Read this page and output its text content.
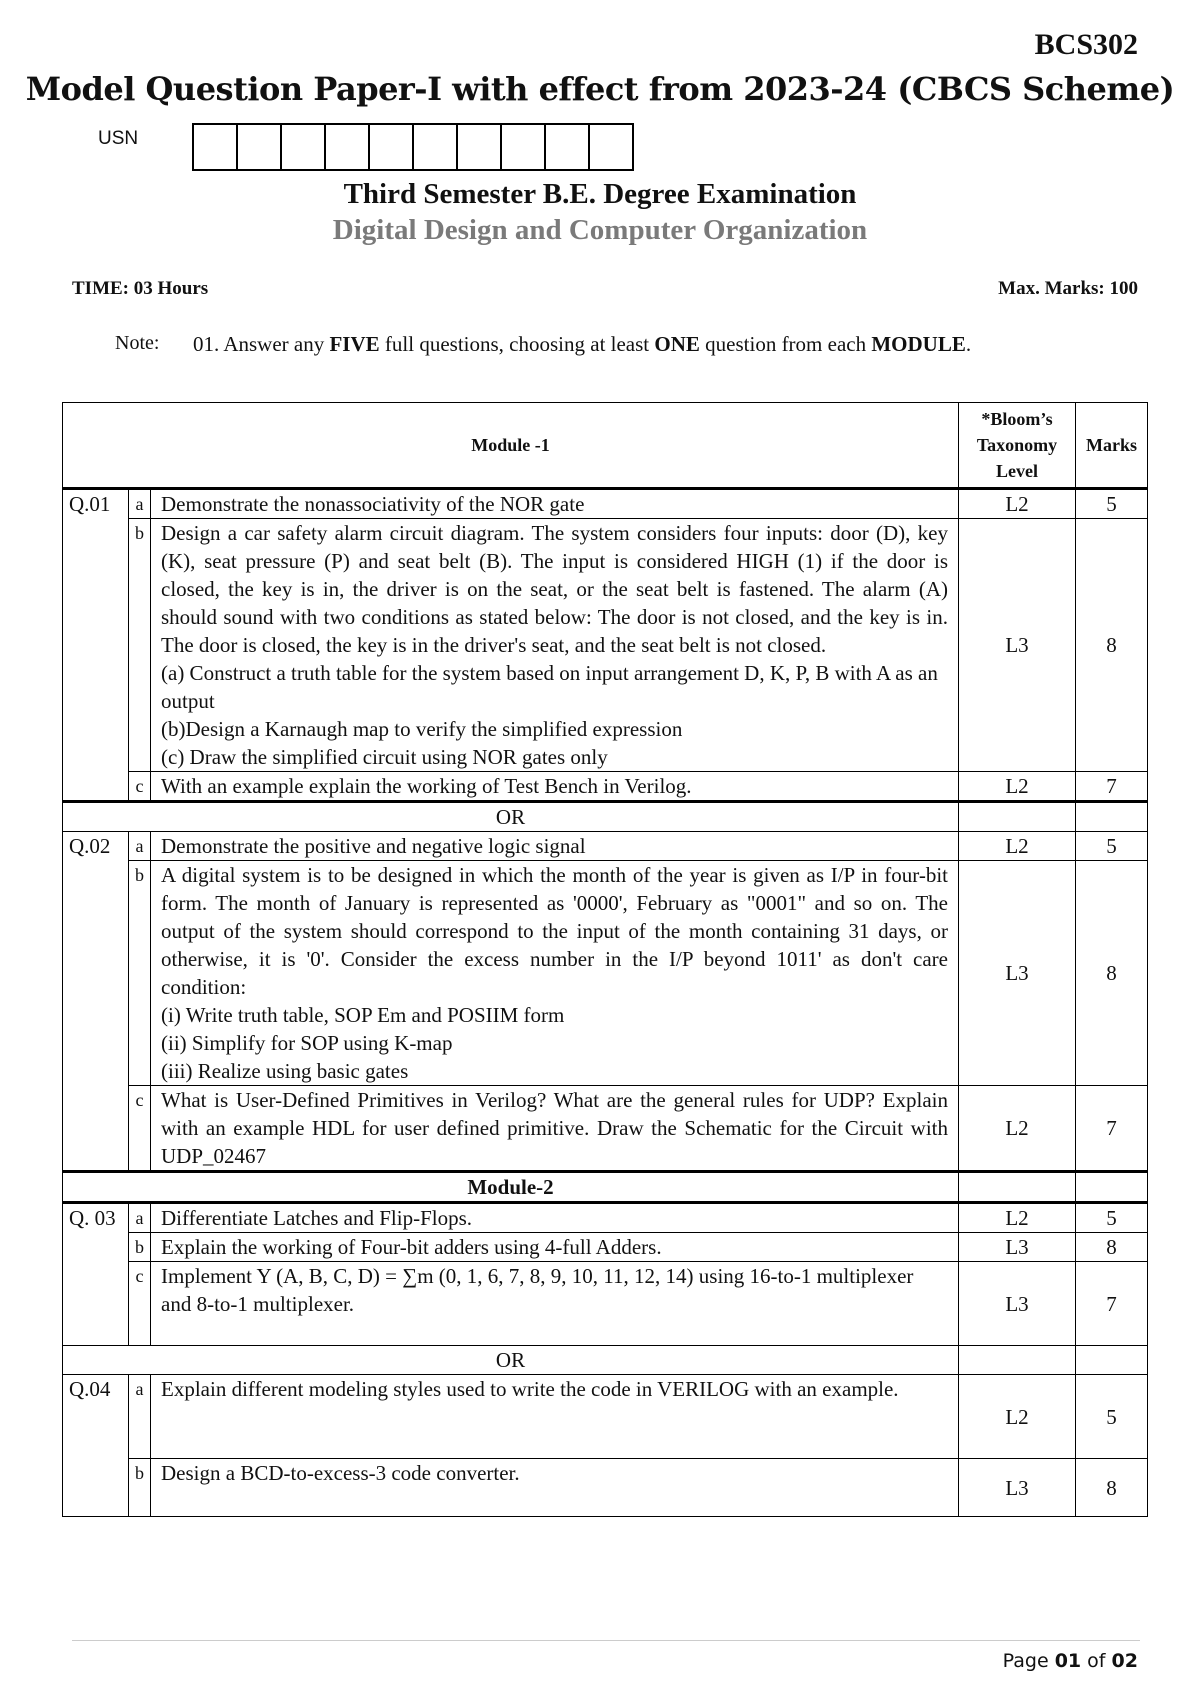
BCS302
Model Question Paper-I with effect from 2023-24 (CBCS Scheme)
USN
Third Semester B.E. Degree Examination
Digital Design and Computer Organization
TIME: 03 Hours	Max. Marks: 100
Note: 01. Answer any FIVE full questions, choosing at least ONE question from each MODULE.
Module -1			*Bloom’s Taxonomy Level	Marks
Q.01	a	Demonstrate the nonassociativity of the NOR gate	L2	5
	b	Design a car safety alarm circuit diagram. The system considers four inputs: door (D), key (K), seat pressure (P) and seat belt (B). The input is considered HIGH (1) if the door is closed, the key is in, the driver is on the seat, or the seat belt is fastened. The alarm (A) should sound with two conditions as stated below: The door is not closed, and the key is in. The door is closed, the key is in the driver's seat, and the seat belt is not closed.
(a) Construct a truth table for the system based on input arrangement D, K, P, B with A as an output
(b)Design a Karnaugh map to verify the simplified expression
(c) Draw the simplified circuit using NOR gates only	L3	8
	c	With an example explain the working of Test Bench in Verilog.	L2	7
OR				
Q.02	a	Demonstrate the positive and negative logic signal	L2	5
	b	A digital system is to be designed in which the month of the year is given as I/P in four-bit form. The month of January is represented as '0000', February as "0001" and so on. The output of the system should correspond to the input of the month containing 31 days, or otherwise, it is '0'. Consider the excess number in the I/P beyond 1011' as don't care condition:
(i) Write truth table, SOP Em and POSIIM form
(ii) Simplify for SOP using K-map
(iii) Realize using basic gates	L3	8
	c	What is User-Defined Primitives in Verilog? What are the general rules for UDP? Explain with an example HDL for user defined primitive. Draw the Schematic for the Circuit with UDP_02467	L2	7
Module-2				
Q. 03	a	Differentiate Latches and Flip-Flops.	L2	5
	b	Explain the working of Four-bit adders using 4-full Adders.	L3	8
	c	Implement Y (A, B, C, D) = ∑m (0, 1, 6, 7, 8, 9, 10, 11, 12, 14) using 16-to-1 multiplexer and 8-to-1 multiplexer.	L3	7
OR				
Q.04	a	Explain different modeling styles used to write the code in VERILOG with an example.	L2	5
	b	Design a BCD-to-excess-3 code converter.	L3	8
Page 01 of 02
